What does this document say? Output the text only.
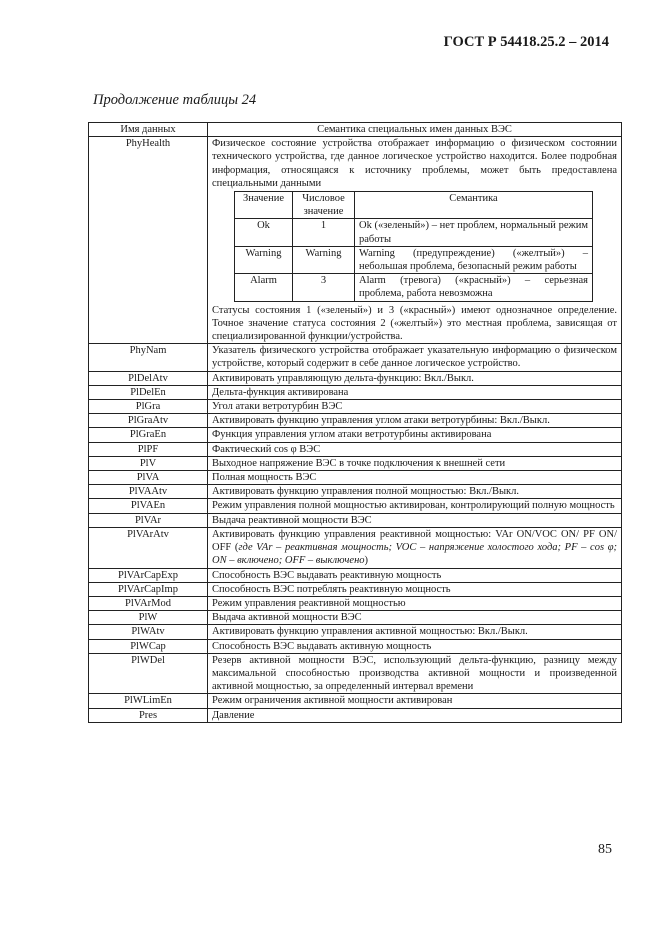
ГОСТ Р 54418.25.2 – 2014
Продолжение таблицы 24
Имя данных	Семантика специальных имен данных ВЭС
PhyHealth	Физическое состояние устройства отображает информацию о физическом состоянии технического устройства, где данное логическое устройство находится. Более подробная информация, относящаяся к источнику проблемы, может быть предоставлена специальными данными
Значение	Числовое значение	Семантика
Ok	1	Ok («зеленый») – нет проблем, нормальный режим работы
Warning	Warning	Warning (предупреждение) («желтый») – небольшая проблема, безопасный режим работы
Alarm	3	Alarm (тревога) («красный») – серьезная проблема, работа невозможна
Статусы состояния 1 («зеленый») и 3 («красный») имеют однозначное определение. Точное значение статуса состояния 2 («желтый») это местная проблема, зависящая от специализированной функции/устройства.

PhyNam	Указатель физического устройства отображает указательную информацию о физическом устройстве, который содержит в себе данное логическое устройство.
PlDelAtv	Активировать управляющую дельта-функцию: Вкл./Выкл.
PlDelEn	Дельта-функция активирована
PlGra	Угол атаки ветротурбин ВЭС
PlGraAtv	Активировать функцию управления углом атаки ветротурбины: Вкл./Выкл.
PlGraEn	Функция управления углом атаки ветротурбины активирована
PlPF	Фактический cos φ ВЭС
PlV	Выходное напряжение ВЭС в точке подключения к внешней сети
PlVA	Полная мощность ВЭС
PlVAAtv	Активировать функцию управления полной мощностью: Вкл./Выкл.
PlVAEn	Режим управления полной мощностью активирован, контролирующий полную мощность
PlVAr	Выдача реактивной мощности ВЭС
PlVArAtv	Активировать функцию управления реактивной мощностью: VAr ON/VOC ON/ PF ON/ OFF (где VAr – реактивная мощность; VOC – напряжение холостого хода; PF – cos φ; ON – включено; OFF – выключено)
PlVArCapExp	Способность ВЭС выдавать реактивную мощность
PlVArCapImp	Способность ВЭС потреблять реактивную мощность
PlVArMod	Режим управления реактивной мощностью
PlW	Выдача активной мощности ВЭС
PlWAtv	Активировать функцию управления активной мощностью: Вкл./Выкл.
PlWCap	Способность ВЭС выдавать активную мощность
PlWDel	Резерв активной мощности ВЭС, использующий дельта-функцию, разницу между максимальной способностью производства активной мощности и произведенной активной мощностью, за определенный интервал времени
PlWLimEn	Режим ограничения активной мощности активирован
Pres	Давление
85
